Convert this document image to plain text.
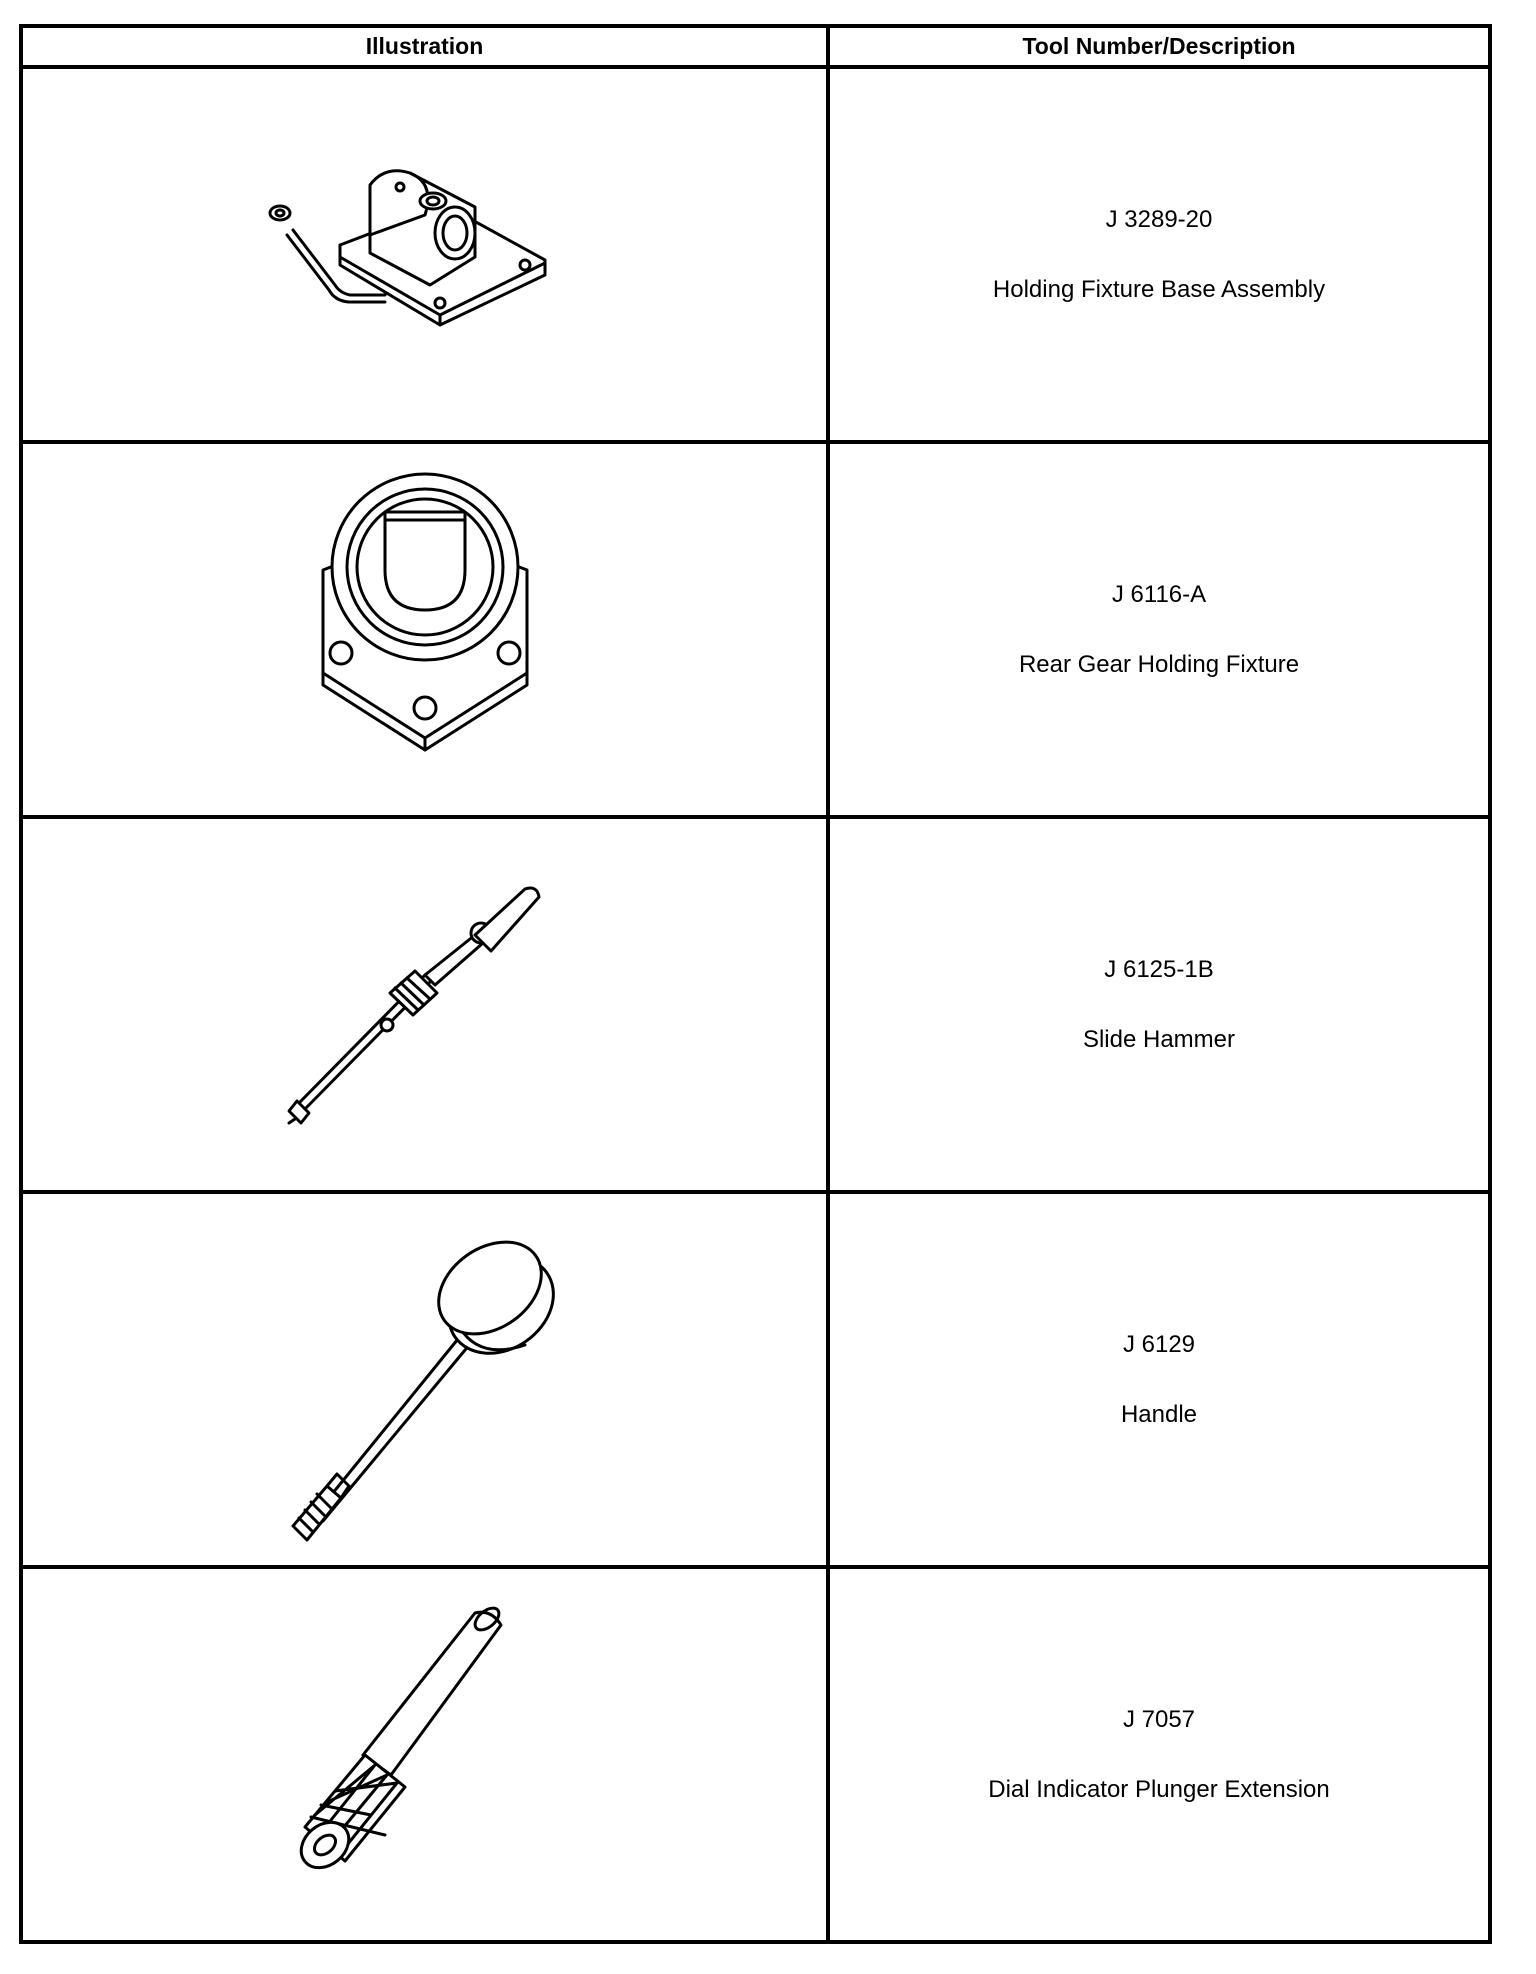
Illustration	Tool Number/Description

J 3289-20
Holding Fixture Base Assembly

J 6116-A
Rear Gear Holding Fixture

J 6125-1B
Slide Hammer

J 6129
Handle

J 7057
Dial Indicator Plunger Extension
